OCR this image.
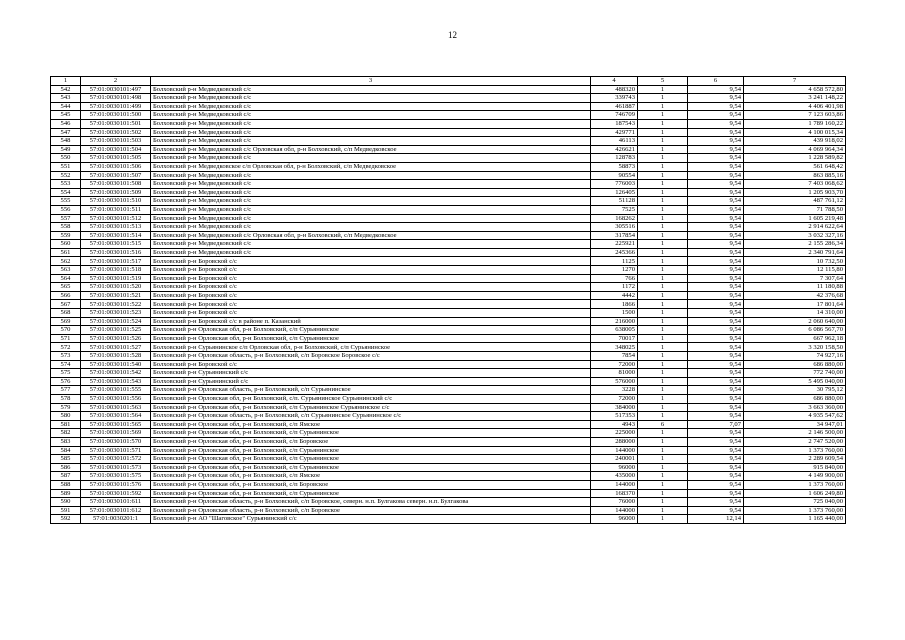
12
1	2	3	4	5	6	7
542	57:01:0030101:497	Болховский р-н Медведковский с/с	488320	1	9,54	4 658 572,80
543	57:01:0030101:498	Болховский р-н Медведковский с/с	339743	1	9,54	3 241 148,22
544	57:01:0030101:499	Болховский р-н Медведковский с/с	461887	1	9,54	4 406 401,98
545	57:01:0030101:500	Болховский р-н Медведковский с/с	746709	1	9,54	7 123 603,86
546	57:01:0030101:501	Болховский р-н Медведковский с/с	187543	1	9,54	1 789 160,22
547	57:01:0030101:502	Болховский р-н Медведковский с/с	429771	1	9,54	4 100 015,34
548	57:01:0030101:503	Болховский р-н Медведковский с/с	46113	1	9,54	439 918,02
549	57:01:0030101:504	Болховский р-н Медведковский с/с Орловская обл, р-н Болховский, с/п Медведковское	426621	1	9,54	4 069 964,34
550	57:01:0030101:505	Болховский р-н Медведковский с/с	128783	1	9,54	1 228 589,82
551	57:01:0030101:506	Болховский р-н Медведковское с/п Орловская обл, р-н Болховский, с/п Медведковское	58873	1	9,54	561 648,42
552	57:01:0030101:507	Болховский р-н Медведковский с/с	90554	1	9,54	863 885,16
553	57:01:0030101:508	Болховский р-н Медведковский с/с	776003	1	9,54	7 403 068,62
554	57:01:0030101:509	Болховский р-н Медведковский с/с	126405	1	9,54	1 205 903,70
555	57:01:0030101:510	Болховский р-н Медведковский с/с	51128	1	9,54	487 761,12
556	57:01:0030101:511	Болховский р-н Медведковский с/с	7525	1	9,54	71 788,50
557	57:01:0030101:512	Болховский р-н Медведковский с/с	168262	1	9,54	1 605 219,48
558	57:01:0030101:513	Болховский р-н Медведковский с/с	305516	1	9,54	2 914 622,64
559	57:01:0030101:514	Болховский р-н Медведковский с/с Орловская обл, р-н Болховский, с/п Медведковское	317854	1	9,54	3 032 327,16
560	57:01:0030101:515	Болховский р-н Медведковский с/с	225921	1	9,54	2 155 286,34
561	57:01:0030101:516	Болховский р-н Медведковский с/с	245366	1	9,54	2 340 791,64
562	57:01:0030101:517	Болховский р-н Боровской с/с	1125	1	9,54	10 732,50
563	57:01:0030101:518	Болховский р-н Боровской с/с	1270	1	9,54	12 115,80
564	57:01:0030101:519	Болховский р-н Боровской с/с	766	1	9,54	7 307,64
565	57:01:0030101:520	Болховский р-н Боровской с/с	1172	1	9,54	11 180,88
566	57:01:0030101:521	Болховский р-н Боровской с/с	4442	1	9,54	42 376,68
567	57:01:0030101:522	Болховский р-н Боровской с/с	1866	1	9,54	17 801,64
568	57:01:0030101:523	Болховский р-н Боровской с/с	1500	1	9,54	14 310,00
569	57:01:0030101:524	Болховский р-н Боровской с/с в районе п. Казанский	216000	1	9,54	2 060 640,00
570	57:01:0030101:525	Болховский р-н Орловская обл, р-н Болховский, с/п Сурьянинское	638005	1	9,54	6 086 567,70
571	57:01:0030101:526	Болховский р-н Орловская обл, р-н Болховский, с/п Сурьянинское	70017	1	9,54	667 962,18
572	57:01:0030101:527	Болховский р-н Сурьянинское с/п Орловская обл, р-н Болховский, с/п Сурьянинское	348025	1	9,54	3 320 158,50
573	57:01:0030101:528	Болховский р-н Орловская область, р-н Болховский, с/п Боровское Боровское с/с	7854	1	9,54	74 927,16
574	57:01:0030101:540	Болховский р-н Боровской с/с	72000	1	9,54	686 880,00
575	57:01:0030101:542	Болховский р-н Сурьянинский с/с	81000	1	9,54	772 740,00
576	57:01:0030101:543	Болховский р-н Сурьянинский с/с	576000	1	9,54	5 495 040,00
577	57:01:0030101:555	Болховский р-н Орловская область, р-н Болховский, с/п Сурьянинское	3228	1	9,54	30 795,12
578	57:01:0030101:556	Болховский р-н Орловская обл, р-н Болховский, с/п. Сурьянинское Сурьянинский с/с	72000	1	9,54	686 880,00
579	57:01:0030101:563	Болховский р-н Орловская обл, р-н Болховский, с/п Сурьянинское Сурьянинское с/с	384000	1	9,54	3 663 360,00
580	57:01:0030101:564	Болховский р-н Орловская область, р-н Болховский, с/п Сурьянинское Сурьянинское с/с	517353	1	9,54	4 935 547,62
581	57:01:0030101:565	Болховский р-н Орловская обл, р-н Болховский, с/п Ямское	4943	6	7,07	34 947,01
582	57:01:0030101:569	Болховский р-н Орловская обл, р-н Болховский, с/п Сурьянинское	225000	1	9,54	2 146 500,00
583	57:01:0030101:570	Болховский р-н Орловская обл, р-н Болховский, с/п Боровское	288000	1	9,54	2 747 520,00
584	57:01:0030101:571	Болховский р-н Орловская обл, р-н Болховский, с/п Сурьянинское	144000	1	9,54	1 373 760,00
585	57:01:0030101:572	Болховский р-н Орловская обл, р-н Болховский, с/п Сурьянинское	240001	1	9,54	2 289 609,54
586	57:01:0030101:573	Болховский р-н Орловская обл, р-н Болховский, с/п Сурьянинское	96000	1	9,54	915 840,00
587	57:01:0030101:575	Болховский р-н Орловская обл, р-н Болховский, с/п Ямское	435000	1	9,54	4 149 900,00
588	57:01:0030101:576	Болховский р-н Орловская обл, р-н Болховский, с/п Боровское	144000	1	9,54	1 373 760,00
589	57:01:0030101:592	Болховский р-н Орловская обл, р-н Болховский, с/п Сурьянинское	168370	1	9,54	1 606 249,80
590	57:01:0030101:611	Болховский р-н Орловская область, р-н Болховский, с/п Боровское, северн. н.п. Булгакова северн. н.п. Булгакова	76000	1	9,54	725 040,00
591	57:01:0030101:612	Болховский р-н Орловская область, р-н Болховский, с/п Боровское	144000	1	9,54	1 373 760,00
592	57:01:0030201:1	Болховский р-н АО "Шаговское" Сурьянинский с/с	96000	1	12,14	1 165 440,00
